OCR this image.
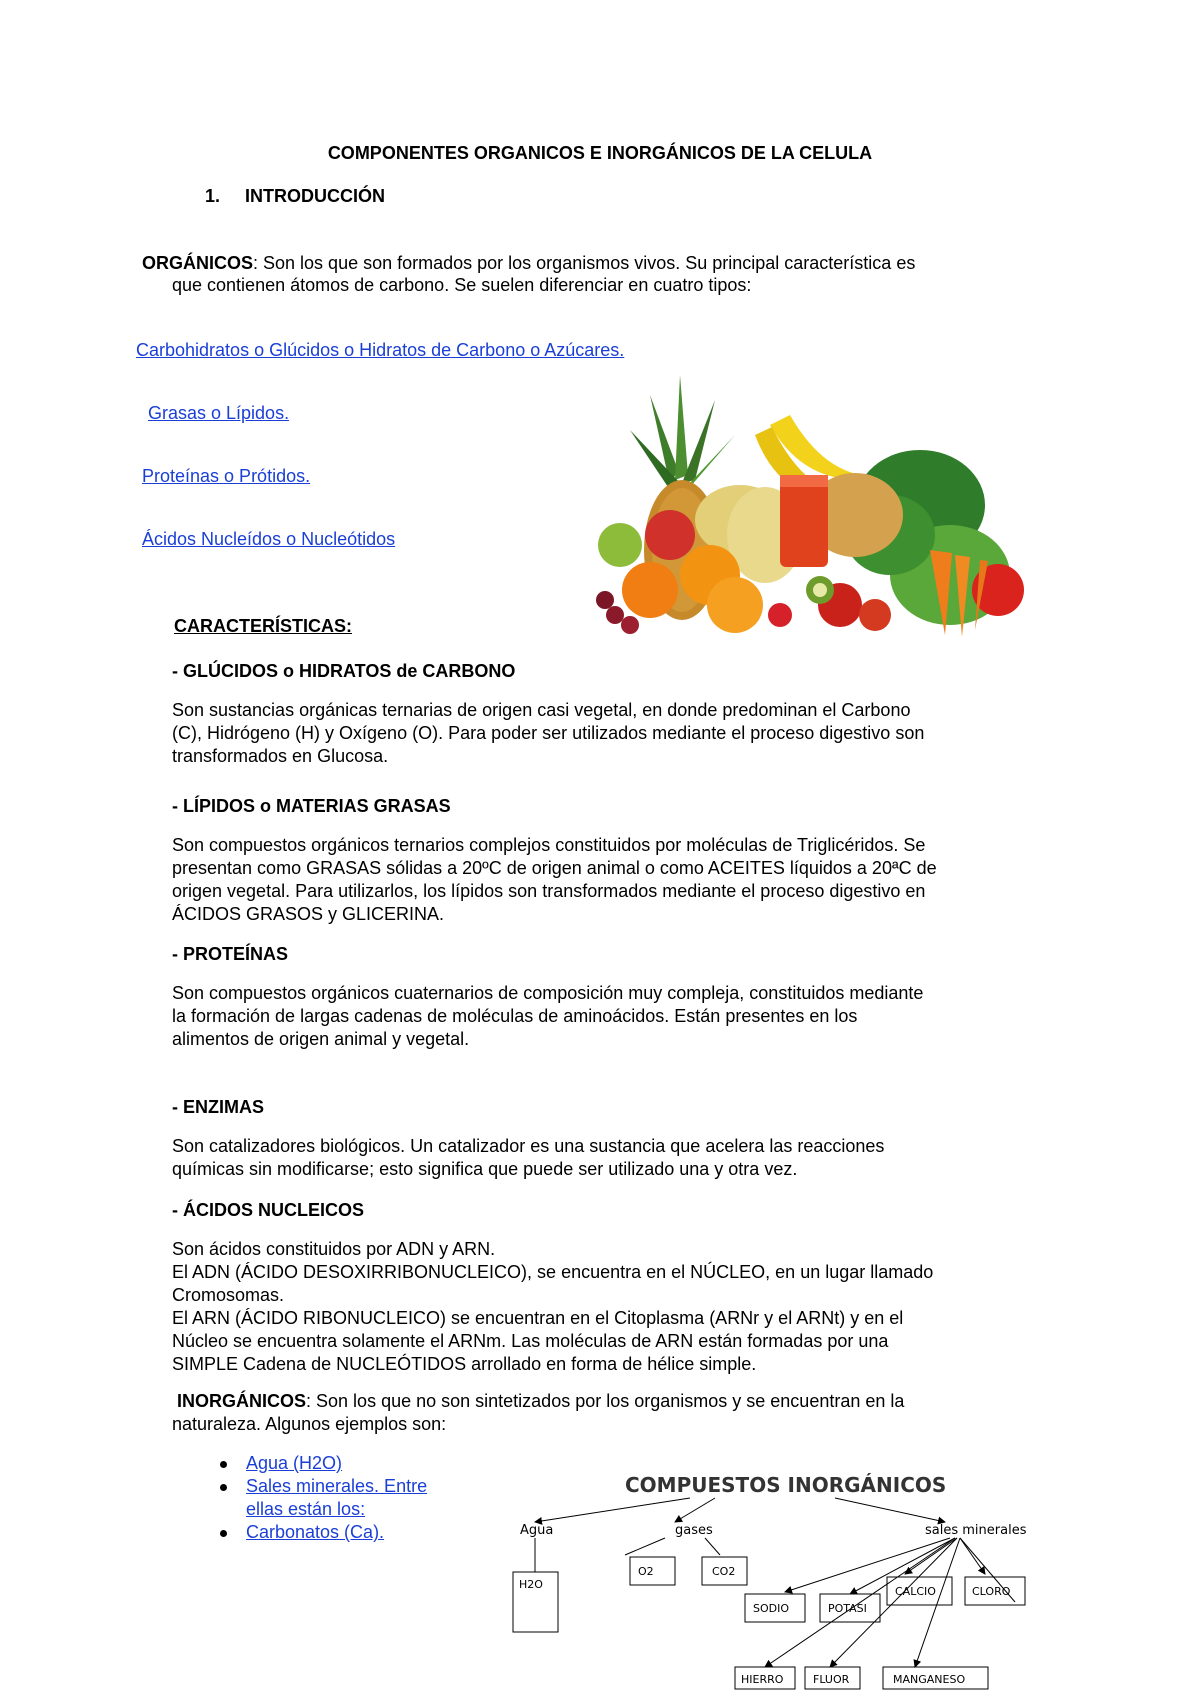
COMPONENTES ORGANICOS E INORGÁNICOS DE LA CELULA
1. INTRODUCCIÓN
ORGÁNICOS: Son los que son formados por los organismos vivos. Su principal característica es
que contienen átomos de carbono. Se suelen diferenciar en cuatro tipos:
Carbohidratos o Glúcidos o Hidratos de Carbono o Azúcares.
Grasas o Lípidos.
Proteínas o Prótidos.
Ácidos Nucleídos o Nucleótidos
CARACTERÍSTICAS:
- GLÚCIDOS o HIDRATOS de CARBONO
Son sustancias orgánicas ternarias de origen casi vegetal, en donde predominan el Carbono
(C), Hidrógeno (H) y Oxígeno (O). Para poder ser utilizados mediante el proceso digestivo son
transformados en Glucosa.
- LÍPIDOS o MATERIAS GRASAS
Son compuestos orgánicos ternarios complejos constituidos por moléculas de Triglicéridos. Se
presentan como GRASAS sólidas a 20ºC de origen animal o como ACEITES líquidos a 20ªC de
origen vegetal. Para utilizarlos, los lípidos son transformados mediante el proceso digestivo en
ÁCIDOS GRASOS y GLICERINA.
- PROTEÍNAS
Son compuestos orgánicos cuaternarios de composición muy compleja, constituidos mediante
la formación de largas cadenas de moléculas de aminoácidos. Están presentes en los
alimentos de origen animal y vegetal.
- ENZIMAS
Son catalizadores biológicos. Un catalizador es una sustancia que acelera las reacciones
químicas sin modificarse; esto significa que puede ser utilizado una y otra vez.
- ÁCIDOS NUCLEICOS
Son ácidos constituidos por ADN y ARN.
El ADN (ÁCIDO DESOXIRRIBONUCLEICO), se encuentra en el NÚCLEO, en un lugar llamado
Cromosomas.
El ARN (ÁCIDO RIBONUCLEICO) se encuentran en el Citoplasma (ARNr y el ARNt) y en el
Núcleo se encuentra solamente el ARNm. Las moléculas de ARN están formadas por una
SIMPLE Cadena de NUCLEÓTIDOS arrollado en forma de hélice simple.
INORGÁNICOS: Son los que no son sintetizados por los organismos y se encuentran en la
naturaleza. Algunos ejemplos son:
Agua (H2O)
Sales minerales. Entre
ellas están los:
Carbonatos (Ca).
COMPUESTOS INORGÁNICOS
Agua	gases	sales minerales
H2O
O2	CO2
SODIO	POTASI
CALCIO	CLORO
HIERRO	FLUOR	MANGANESO
